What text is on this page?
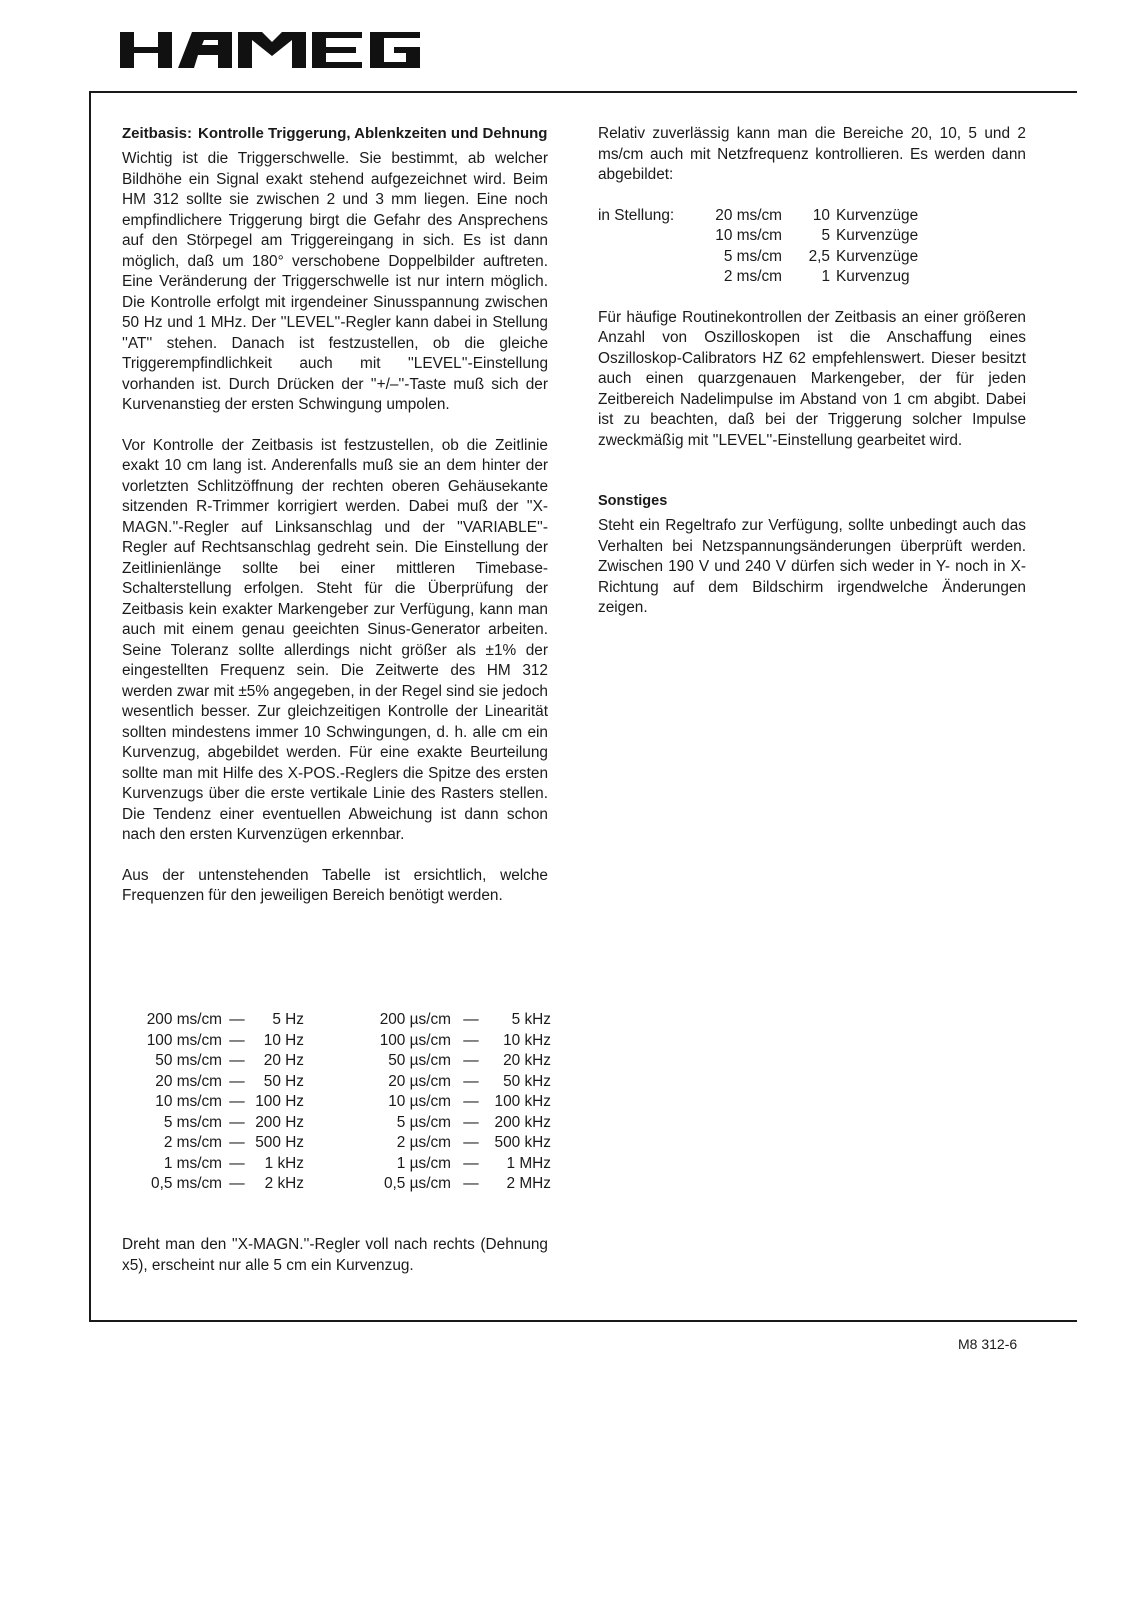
Zeitbasis: Kontrolle Triggerung, Ablenkzeiten und Dehnung

Wichtig ist die Triggerschwelle. Sie bestimmt, ab welcher Bildhöhe ein Signal exakt stehend aufgezeichnet wird. Beim HM 312 sollte sie zwischen 2 und 3 mm liegen. Eine noch empfindlichere Triggerung birgt die Gefahr des Ansprechens auf den Störpegel am Triggereingang in sich. Es ist dann möglich, daß um 180° verschobene Doppelbilder auftreten. Eine Veränderung der Triggerschwelle ist nur intern möglich. Die Kontrolle erfolgt mit irgendeiner Sinusspannung zwischen 50 Hz und 1 MHz. Der ''LEVEL''-Regler kann dabei in Stellung ''AT'' stehen. Danach ist festzustellen, ob die gleiche Triggerempfindlichkeit auch mit ''LEVEL''-Einstellung vorhanden ist. Durch Drücken der ''+/–''-Taste muß sich der Kurvenanstieg der ersten Schwingung umpolen.

Vor Kontrolle der Zeitbasis ist festzustellen, ob die Zeitlinie exakt 10 cm lang ist. Anderenfalls muß sie an dem hinter der vorletzten Schlitzöffnung der rechten oberen Gehäusekante sitzenden R-Trimmer korrigiert werden. Dabei muß der ''X-MAGN.''-Regler auf Linksanschlag und der ''VARIABLE''-Regler auf Rechtsanschlag gedreht sein. Die Einstellung der Zeitlinienlänge sollte bei einer mittleren Timebase-Schalterstellung erfolgen. Steht für die Überprüfung der Zeitbasis kein exakter Markengeber zur Verfügung, kann man auch mit einem genau geeichten Sinus-Generator arbeiten. Seine Toleranz sollte allerdings nicht größer als ±1% der eingestellten Frequenz sein. Die Zeitwerte des HM 312 werden zwar mit ±5% angegeben, in der Regel sind sie jedoch wesentlich besser. Zur gleichzeitigen Kontrolle der Linearität sollten mindestens immer 10 Schwingungen, d. h. alle cm ein Kurvenzug, abgebildet werden. Für eine exakte Beurteilung sollte man mit Hilfe des X-POS.-Reglers die Spitze des ersten Kurvenzugs über die erste vertikale Linie des Rasters stellen. Die Tendenz einer eventuellen Abweichung ist dann schon nach den ersten Kurvenzügen erkennbar.

Aus der untenstehenden Tabelle ist ersichtlich, welche Frequenzen für den jeweiligen Bereich benötigt werden.

200 ms/cm —	5 Hz	200 µs/cm —	5 kHz
100 ms/cm —	10 Hz	100 µs/cm —	10 kHz
50 ms/cm —	20 Hz	50 µs/cm —	20 kHz
20 ms/cm —	50 Hz	20 µs/cm —	50 kHz
10 ms/cm — 100 Hz	10 µs/cm —	100 kHz
5 ms/cm — 200 Hz	5 µs/cm —	200 kHz
2 ms/cm — 500 Hz	2 µs/cm —	500 kHz
1 ms/cm —	1 kHz	1 µs/cm —	1 MHz
0,5 ms/cm —	2 kHz	0,5 µs/cm —	2 MHz

Dreht man den ''X-MAGN.''-Regler voll nach rechts (Dehnung x5), erscheint nur alle 5 cm ein Kurvenzug.

Relativ zuverlässig kann man die Bereiche 20, 10, 5 und 2 ms/cm auch mit Netzfrequenz kontrollieren. Es werden dann abgebildet:

in Stellung:	20 ms/cm	10 Kurvenzüge
10 ms/cm	5 Kurvenzüge
5 ms/cm	2,5 Kurvenzüge
2 ms/cm	1 Kurvenzug

Für häufige Routinekontrollen der Zeitbasis an einer größeren Anzahl von Oszilloskopen ist die Anschaffung eines Oszilloskop-Calibrators HZ 62 empfehlenswert. Dieser besitzt auch einen quarzgenauen Markengeber, der für jeden Zeitbereich Nadelimpulse im Abstand von 1 cm abgibt. Dabei ist zu beachten, daß bei der Triggerung solcher Impulse zweckmäßig mit ''LEVEL''-Einstellung gearbeitet wird.

Sonstiges

Steht ein Regeltrafo zur Verfügung, sollte unbedingt auch das Verhalten bei Netzspannungsänderungen überprüft werden. Zwischen 190 V und 240 V dürfen sich weder in Y- noch in X-Richtung auf dem Bildschirm irgendwelche Änderungen zeigen.

M8 312-6
